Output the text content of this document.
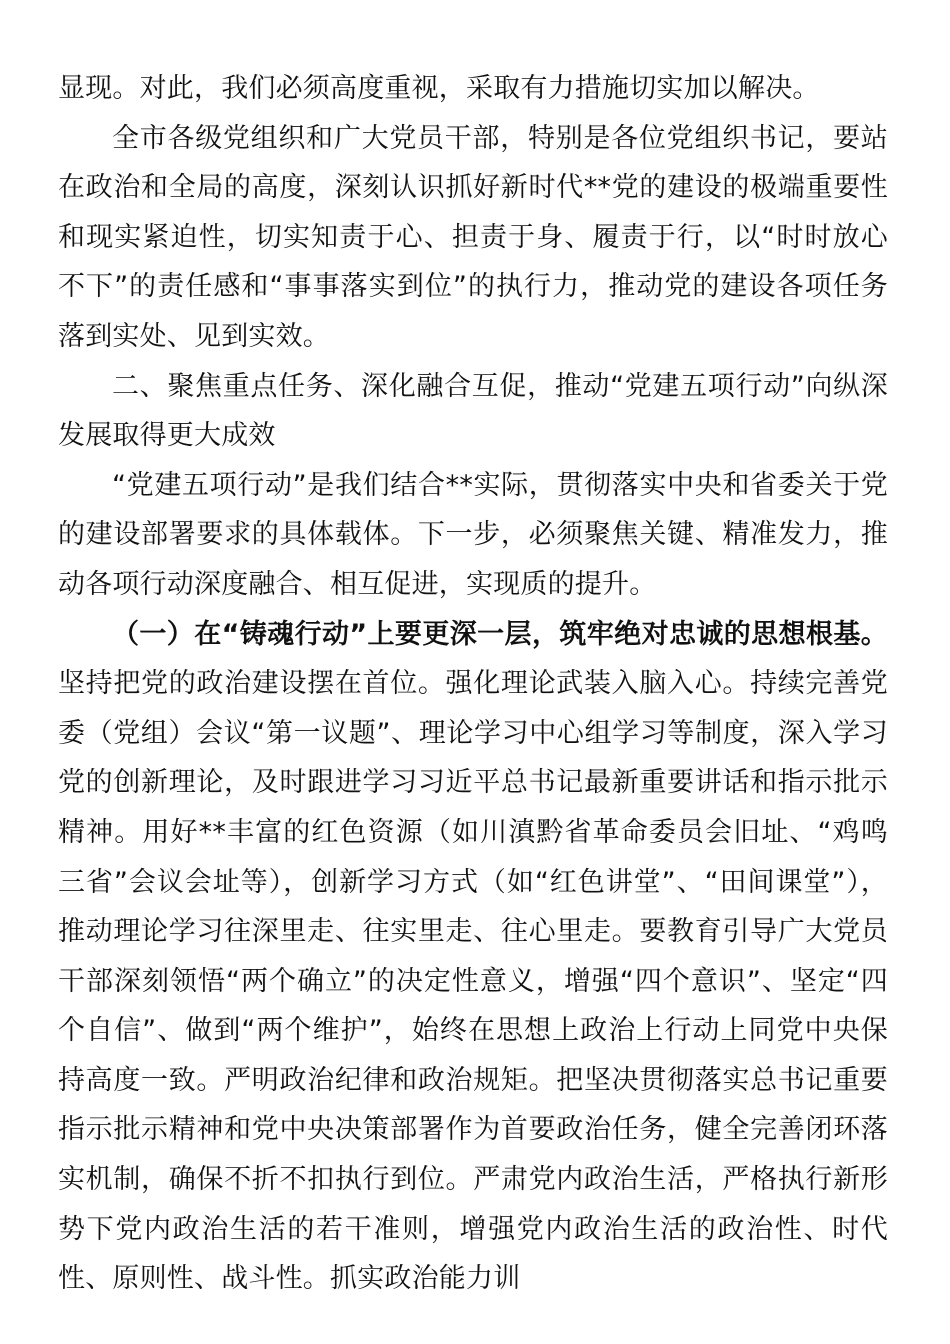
显现。对此，我们必须高度重视，采取有力措施切实加以解决。

全市各级党组织和广大党员干部，特别是各位党组织书记，要站在政治和全局的高度，深刻认识抓好新时代**党的建设的极端重要性和现实紧迫性，切实知责于心、担责于身、履责于行，以“时时放心不下”的责任感和“事事落实到位”的执行力，推动党的建设各项任务落到实处、见到实效。

二、聚焦重点任务、深化融合互促，推动“党建五项行动”向纵深发展取得更大成效

“党建五项行动”是我们结合**实际，贯彻落实中央和省委关于党的建设部署要求的具体载体。下一步，必须聚焦关键、精准发力，推动各项行动深度融合、相互促进，实现质的提升。

（一）在“铸魂行动”上要更深一层，筑牢绝对忠诚的思想根基。坚持把党的政治建设摆在首位。强化理论武装入脑入心。持续完善党委（党组）会议“第一议题”、理论学习中心组学习等制度，深入学习党的创新理论，及时跟进学习习近平总书记最新重要讲话和指示批示精神。用好**丰富的红色资源（如川滇黔省革命委员会旧址、“鸡鸣三省”会议会址等），创新学习方式（如“红色讲堂”、“田间课堂”），推动理论学习往深里走、往实里走、往心里走。要教育引导广大党员干部深刻领悟“两个确立”的决定性意义，增强“四个意识”、坚定“四个自信”、做到“两个维护”，始终在思想上政治上行动上同党中央保持高度一致。严明政治纪律和政治规矩。把坚决贯彻落实总书记重要指示批示精神和党中央决策部署作为首要政治任务，健全完善闭环落实机制，确保不折不扣执行到位。严肃党内政治生活，严格执行新形势下党内政治生活的若干准则，增强党内政治生活的政治性、时代性、原则性、战斗性。抓实政治能力训
